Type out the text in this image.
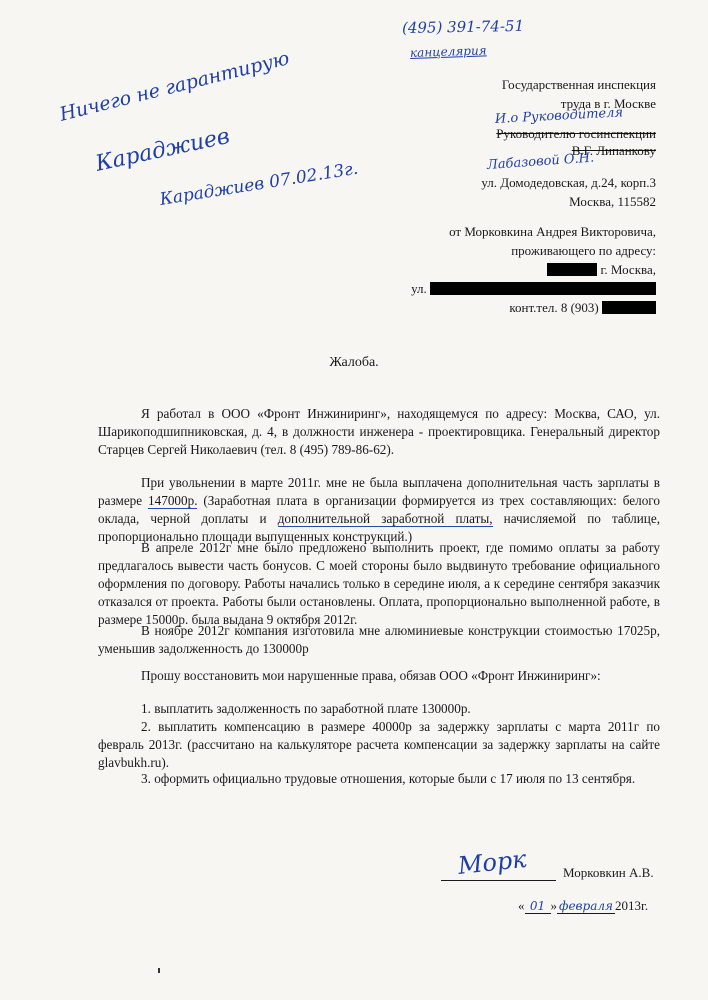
(495) 391-74-51
канцелярия
Ничего не гарантирую
Караджиев
Караджиев 07.02.13г.
Государственная инспекция
труда в г. Москве
И.о Руководителя
Руководителю госинспекции
В.Г. Липанкову
Лабазовой О.Н.
ул. Домодедовская, д.24, корп.3
Москва, 115582
от Морковкина Андрея Викторовича,
проживающего по адресу:
г. Москва,
ул.
конт.тел. 8 (903)
Жалоба.

Я работал в ООО «Фронт Инжиниринг», находящемуся по адресу: Москва, САО, ул. Шарикоподшипниковская, д. 4, в должности инженера - проектировщика. Генеральный директор Старцев Сергей Николаевич (тел. 8 (495) 789-86-62).

При увольнении в марте 2011г. мне не была выплачена дополнительная часть зарплаты в размере 147000р. (Заработная плата в организации формируется из трех составляющих: белого оклада, черной доплаты и дополнительной заработной платы, начисляемой по таблице, пропорционально площади выпущенных конструкций.)

В апреле 2012г мне было предложено выполнить проект, где помимо оплаты за работу предлагалось вывести часть бонусов. С моей стороны было выдвинуто требование официального оформления по договору. Работы начались только в середине июля, а к середине сентября заказчик отказался от проекта. Работы были остановлены. Оплата, пропорционально выполненной работе, в размере 15000р. была выдана 9 октября 2012г.

В ноябре 2012г компания изготовила мне алюминиевые конструкции стоимостью 17025р, уменьшив задолженность до 130000р

Прошу восстановить мои нарушенные права, обязав ООО «Фронт Инжиниринг»:

1. выплатить задолженность по заработной плате 130000р.

2. выплатить компенсацию в размере 40000р за задержку зарплаты с марта 2011г по февраль 2013г. (рассчитано на калькуляторе расчета компенсации за задержку зарплаты на сайте glavbukh.ru).

3. оформить официально трудовые отношения, которые были с 17 июля по 13 сентября.

Морк	Морковкин А.В.
« 01 » февраля 2013г.
